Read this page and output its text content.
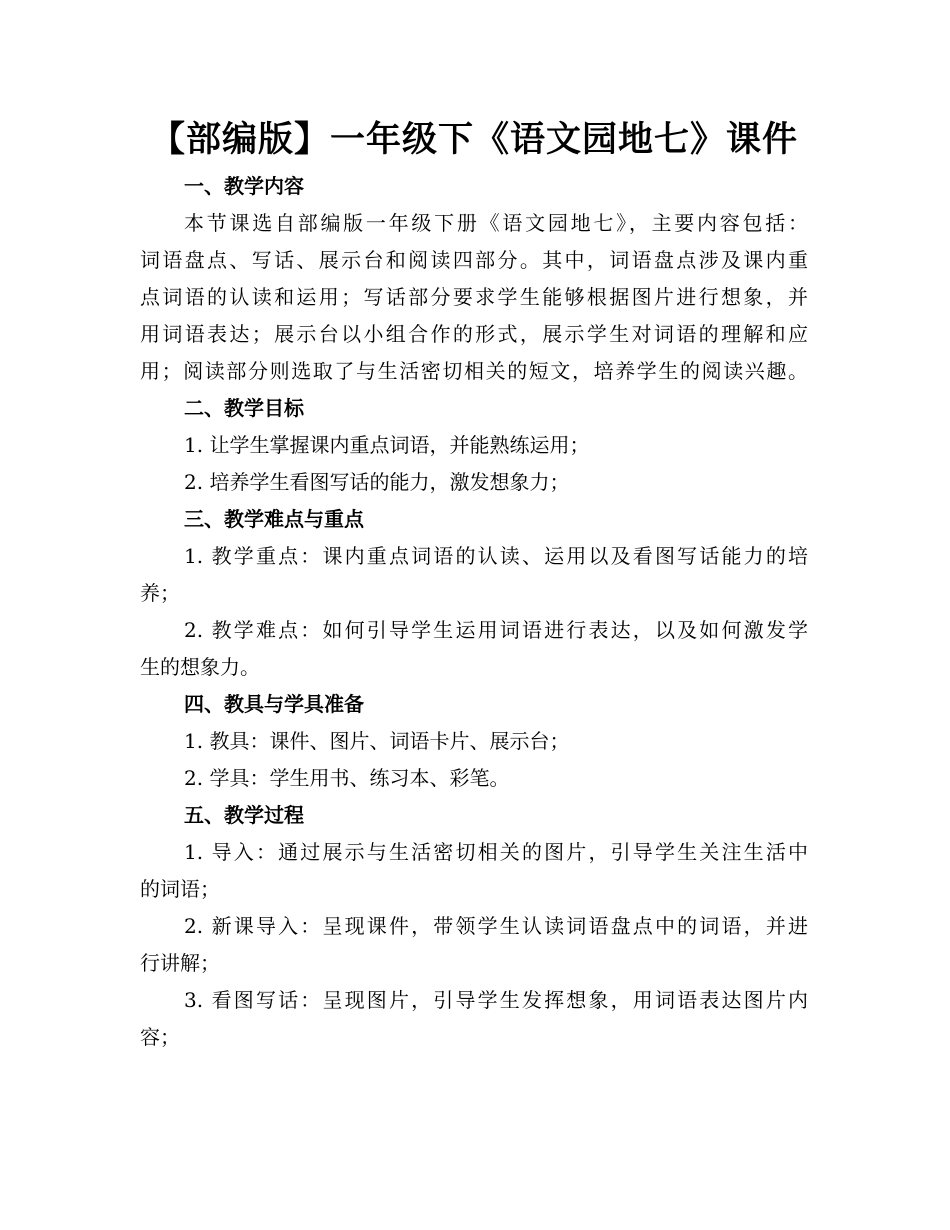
【部编版】一年级下《语文园地七》课件
一、教学内容
本节课选自部编版一年级下册《语文园地七》，主要内容包括：
词语盘点、写话、展示台和阅读四部分。其中，词语盘点涉及课内重
点词语的认读和运用；写话部分要求学生能够根据图片进行想象，并
用词语表达；展示台以小组合作的形式，展示学生对词语的理解和应
用；阅读部分则选取了与生活密切相关的短文，培养学生的阅读兴趣。
二、教学目标
1. 让学生掌握课内重点词语，并能熟练运用；
2. 培养学生看图写话的能力，激发想象力；
三、教学难点与重点
1. 教学重点：课内重点词语的认读、运用以及看图写话能力的培
养；
2. 教学难点：如何引导学生运用词语进行表达，以及如何激发学
生的想象力。
四、教具与学具准备
1. 教具：课件、图片、词语卡片、展示台；
2. 学具：学生用书、练习本、彩笔。
五、教学过程
1. 导入：通过展示与生活密切相关的图片，引导学生关注生活中
的词语；
2. 新课导入：呈现课件，带领学生认读词语盘点中的词语，并进
行讲解；
3. 看图写话：呈现图片，引导学生发挥想象，用词语表达图片内
容；
